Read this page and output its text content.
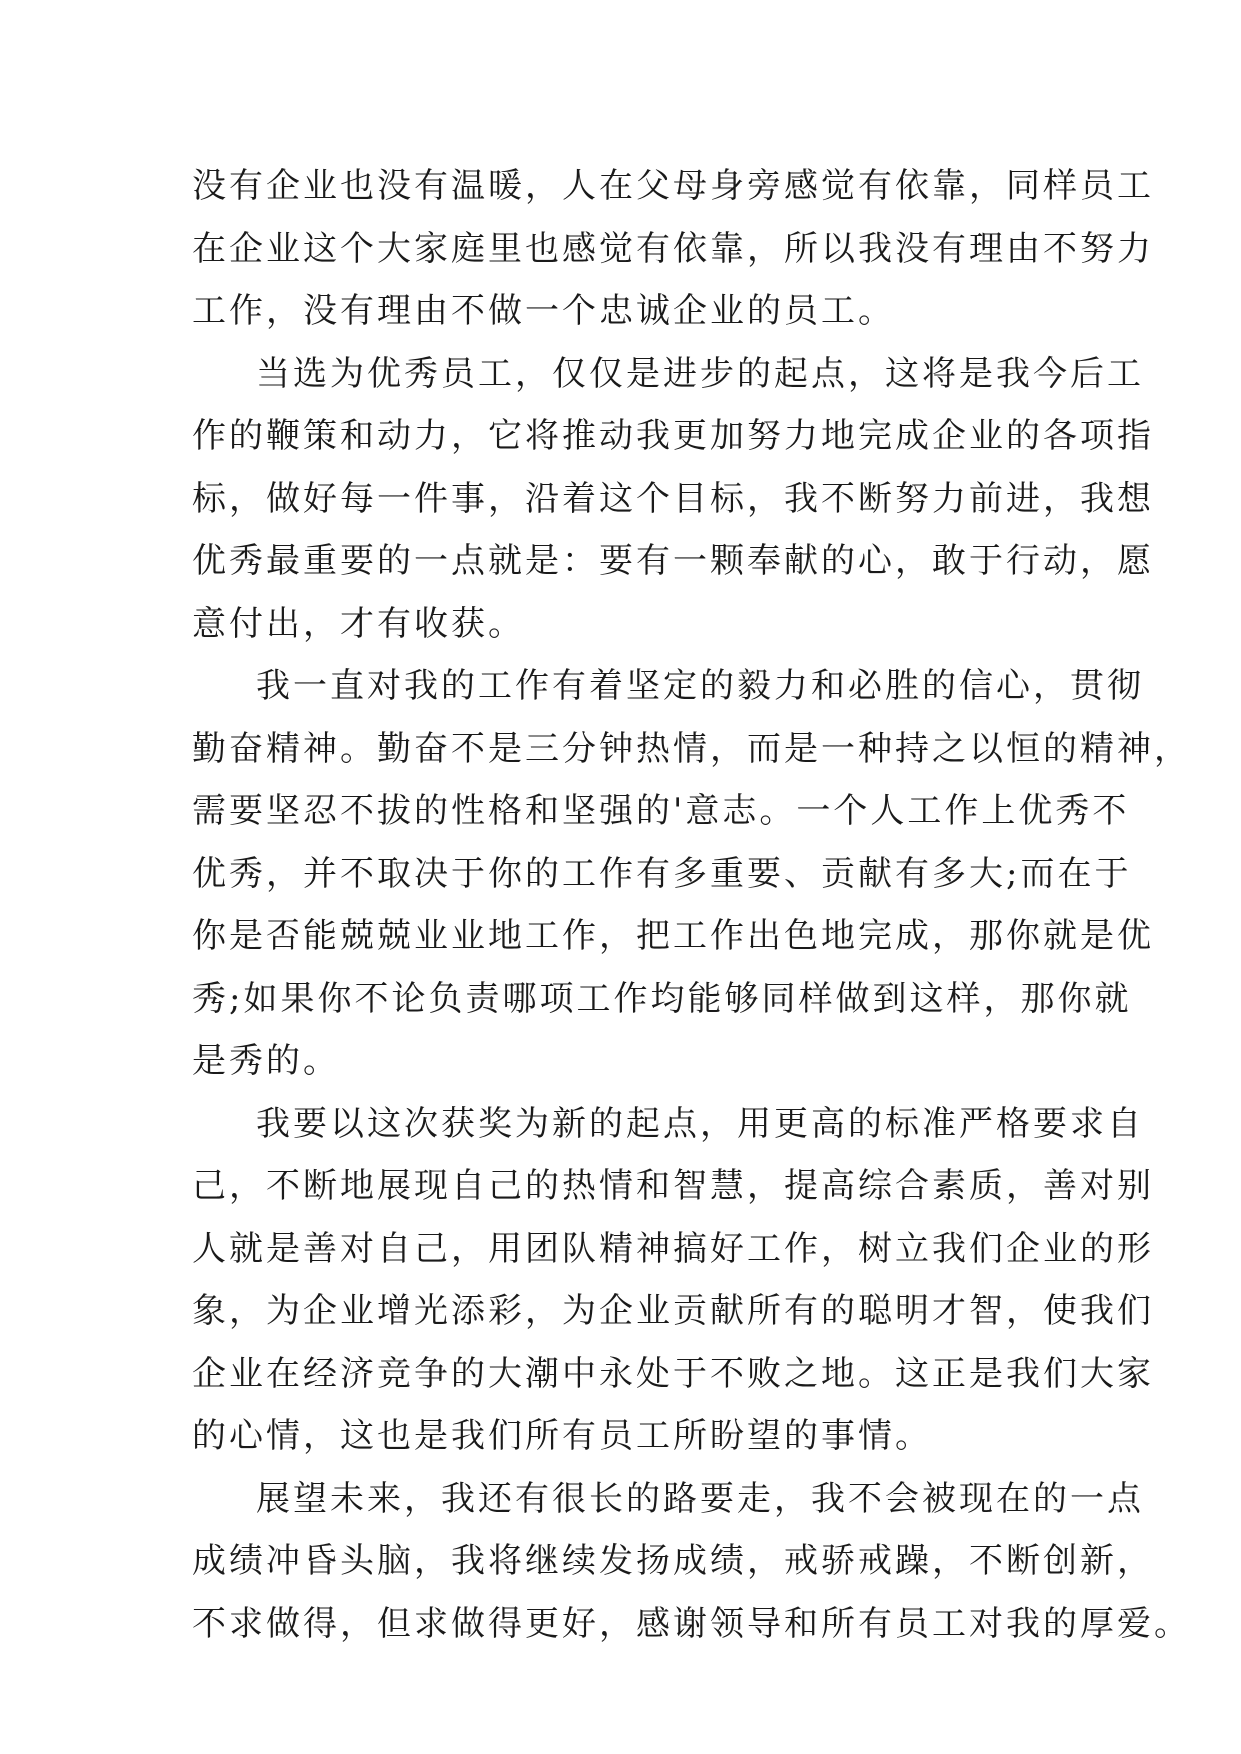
没有企业也没有温暖，人在父母身旁感觉有依靠，同样员工
在企业这个大家庭里也感觉有依靠，所以我没有理由不努力
工作，没有理由不做一个忠诚企业的员工。
当选为优秀员工，仅仅是进步的起点，这将是我今后工
作的鞭策和动力，它将推动我更加努力地完成企业的各项指
标，做好每一件事，沿着这个目标，我不断努力前进，我想
优秀最重要的一点就是：要有一颗奉献的心，敢于行动，愿
意付出，才有收获。
我一直对我的工作有着坚定的毅力和必胜的信心，贯彻
勤奋精神。勤奋不是三分钟热情，而是一种持之以恒的精神，
需要坚忍不拔的性格和坚强的'意志。一个人工作上优秀不
优秀，并不取决于你的工作有多重要、贡献有多大;而在于
你是否能兢兢业业地工作，把工作出色地完成，那你就是优
秀;如果你不论负责哪项工作均能够同样做到这样，那你就
是秀的。
我要以这次获奖为新的起点，用更高的标准严格要求自
己，不断地展现自己的热情和智慧，提高综合素质，善对别
人就是善对自己，用团队精神搞好工作，树立我们企业的形
象，为企业增光添彩，为企业贡献所有的聪明才智，使我们
企业在经济竞争的大潮中永处于不败之地。这正是我们大家
的心情，这也是我们所有员工所盼望的事情。
展望未来，我还有很长的路要走，我不会被现在的一点
成绩冲昏头脑，我将继续发扬成绩，戒骄戒躁，不断创新，
不求做得，但求做得更好，感谢领导和所有员工对我的厚爱。
